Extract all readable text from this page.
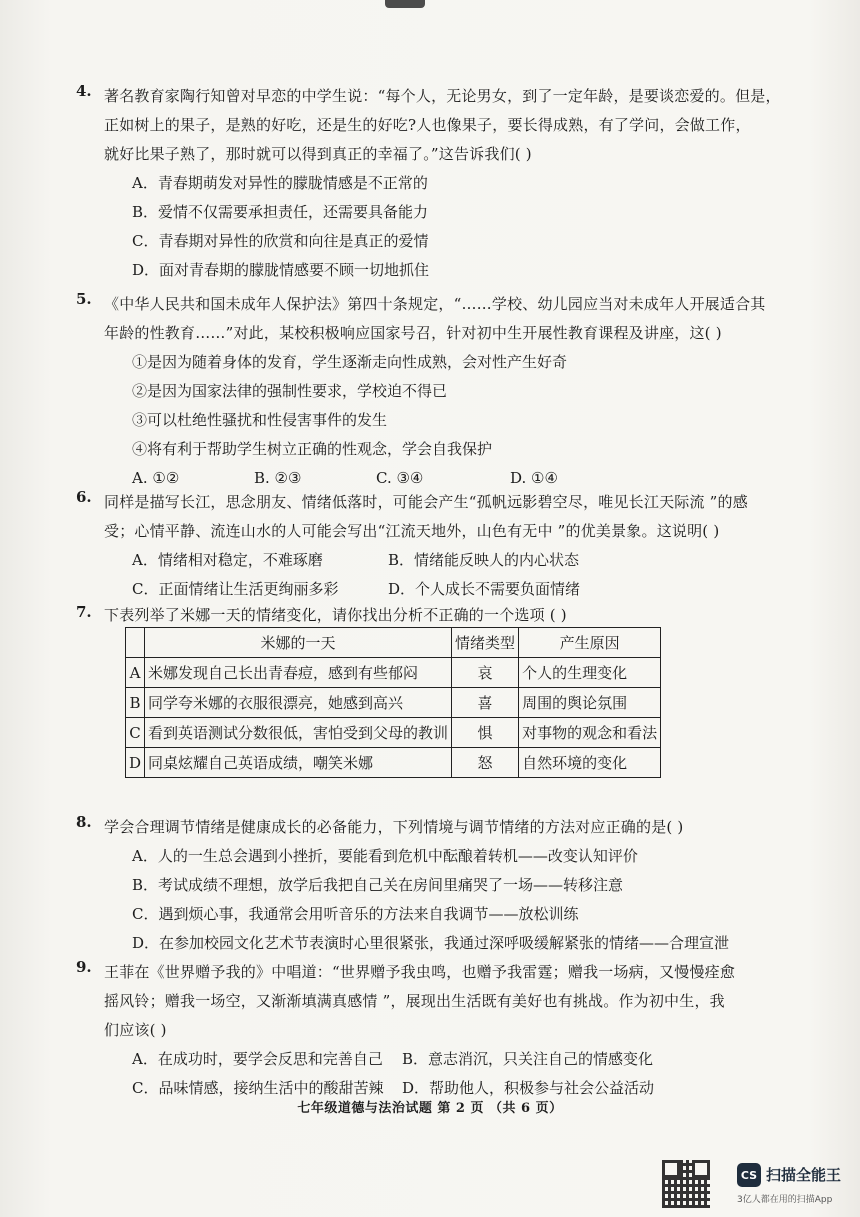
4. 著名教育家陶行知曾对早恋的中学生说：“每个人，无论男女，到了一定年龄，是要谈恋爱的。但是，
正如树上的果子，是熟的好吃，还是生的好吃?人也像果子，要长得成熟，有了学问，会做工作，
就好比果子熟了，那时就可以得到真正的幸福了。”这告诉我们( )
A．青春期萌发对异性的朦胧情感是不正常的
B．爱情不仅需要承担责任，还需要具备能力
C．青春期对异性的欣赏和向往是真正的爱情
D．面对青春期的朦胧情感要不顾一切地抓住
5. 《中华人民共和国未成年人保护法》第四十条规定，“……学校、幼儿园应当对未成年人开展适合其
年龄的性教育……”对此，某校积极响应国家号召，针对初中生开展性教育课程及讲座，这( )
①是因为随着身体的发育，学生逐渐走向性成熟，会对性产生好奇
②是因为国家法律的强制性要求，学校迫不得已
③可以杜绝性骚扰和性侵害事件的发生
④将有利于帮助学生树立正确的性观念，学会自我保护
A. ①②	B. ②③	C. ③④	D. ①④
6. 同样是描写长江，思念朋友、情绪低落时，可能会产生“孤帆远影碧空尽，唯见长江天际流 ”的感
受；心情平静、流连山水的人可能会写出“江流天地外，山色有无中 ”的优美景象。这说明( )
A．情绪相对稳定，不难琢磨	B．情绪能反映人的内心状态
C．正面情绪让生活更绚丽多彩	D．个人成长不需要负面情绪
7. 下表列举了米娜一天的情绪变化，请你找出分析不正确的一个选项 ( )
	米娜的一天	情绪类型	产生原因
A	米娜发现自己长出青春痘，感到有些郁闷	哀	个人的生理变化
B	同学夸米娜的衣服很漂亮，她感到高兴	喜	周围的舆论氛围
C	看到英语测试分数很低，害怕受到父母的教训	惧	对事物的观念和看法
D	同桌炫耀自己英语成绩，嘲笑米娜	怒	自然环境的变化
8. 学会合理调节情绪是健康成长的必备能力，下列情境与调节情绪的方法对应正确的是( )
A．人的一生总会遇到小挫折，要能看到危机中酝酿着转机——改变认知评价
B．考试成绩不理想，放学后我把自己关在房间里痛哭了一场——转移注意
C．遇到烦心事，我通常会用听音乐的方法来自我调节——放松训练
D．在参加校园文化艺术节表演时心里很紧张，我通过深呼吸缓解紧张的情绪——合理宣泄
9. 王菲在《世界赠予我的》中唱道：“世界赠予我虫鸣，也赠予我雷霆；赠我一场病，又慢慢痊愈
摇风铃；赠我一场空，又渐渐填满真感情 ”，展现出生活既有美好也有挑战。作为初中生，我
们应该( )
A．在成功时，要学会反思和完善自己	B．意志消沉，只关注自己的情感变化
C．品味情感，接纳生活中的酸甜苦辣	D．帮助他人，积极参与社会公益活动
七年级道德与法治试题 第 2 页 （共 6 页）
CS 扫描全能王
3亿人都在用的扫描App
